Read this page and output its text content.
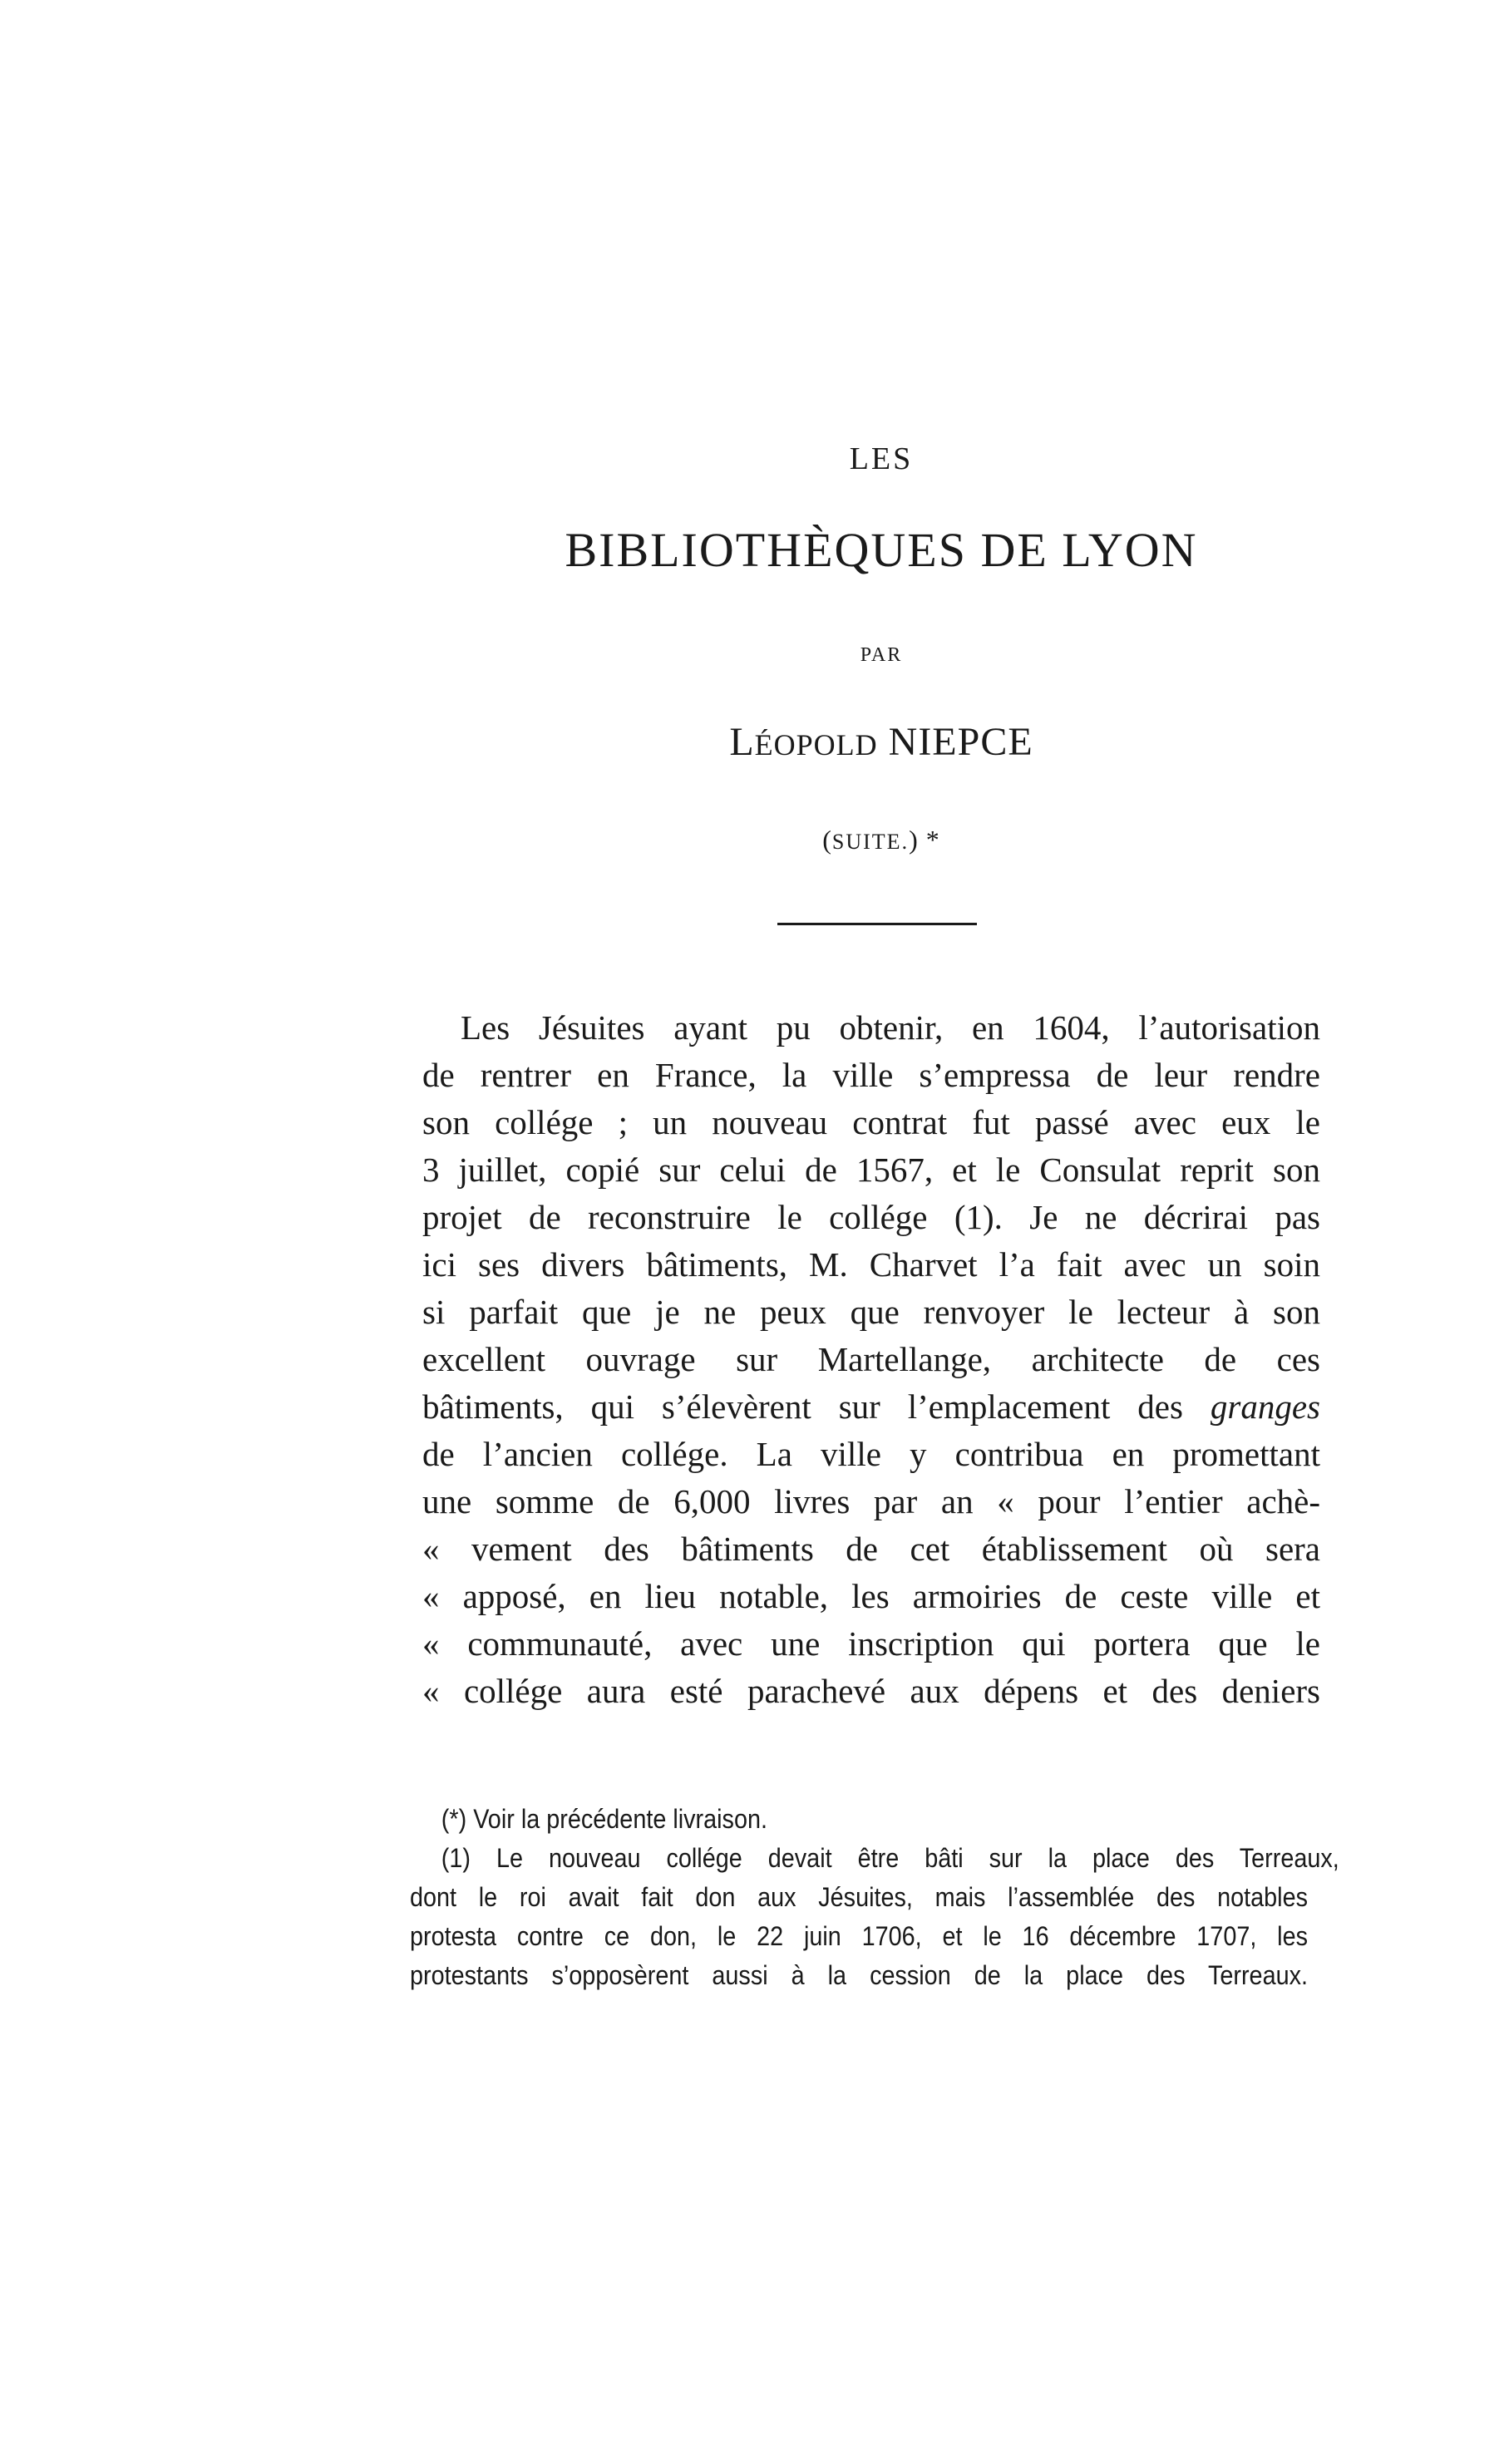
LES
BIBLIOTHÈQUES DE LYON
PAR
LÉOPOLD NIEPCE
(SUITE.) *
Les Jésuites ayant pu obtenir, en 1604, l’autorisation
de rentrer en France, la ville s’empressa de leur rendre
son collége ; un nouveau contrat fut passé avec eux le
3 juillet, copié sur celui de 1567, et le Consulat reprit son
projet de reconstruire le collége (1). Je ne décrirai pas
ici ses divers bâtiments, M. Charvet l’a fait avec un soin
si parfait que je ne peux que renvoyer le lecteur à son
excellent ouvrage sur Martellange, architecte de ces
bâtiments, qui s’élevèrent sur l’emplacement des granges
de l’ancien collége. La ville y contribua en promettant
une somme de 6,000 livres par an « pour l’entier achè-
« vement des bâtiments de cet établissement où sera
« apposé, en lieu notable, les armoiries de ceste ville et
« communauté, avec une inscription qui portera que le
« collége aura esté parachevé aux dépens et des deniers
(*) Voir la précédente livraison.
(1) Le nouveau collége devait être bâti sur la place des Terreaux,
dont le roi avait fait don aux Jésuites, mais l’assemblée des notables
protesta contre ce don, le 22 juin 1706, et le 16 décembre 1707, les
protestants s’opposèrent aussi à la cession de la place des Terreaux.
